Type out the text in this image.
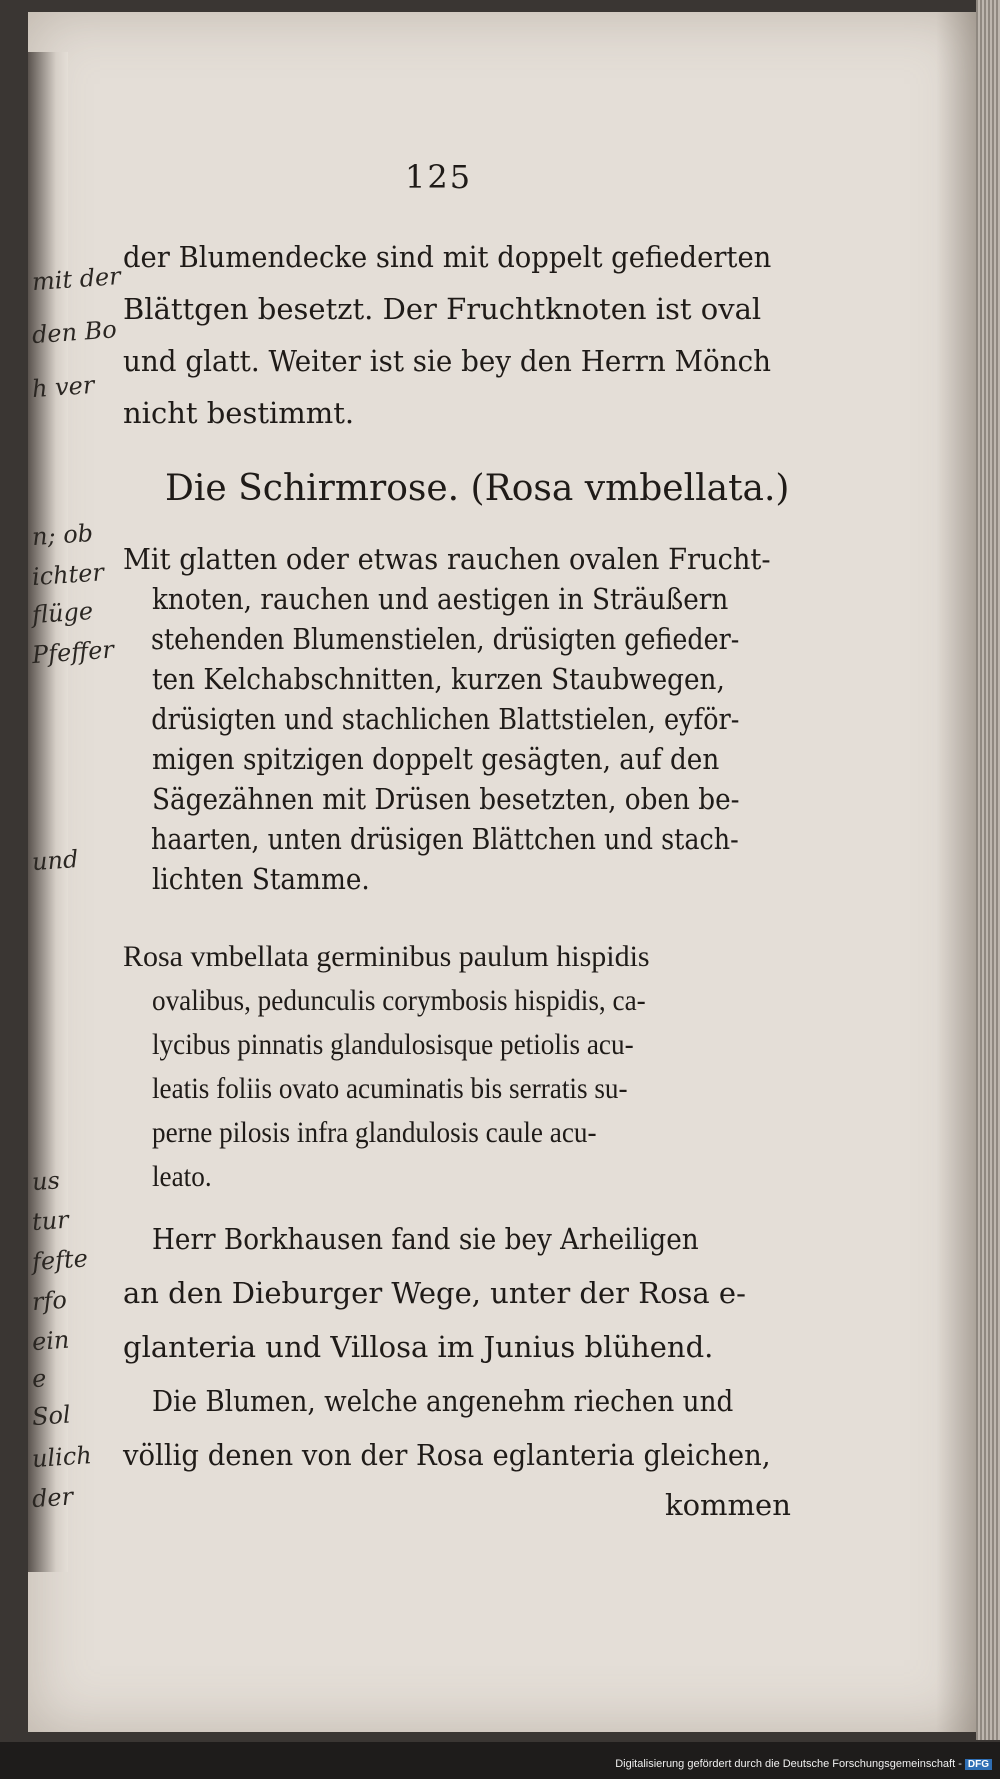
mit der
den Bo
h ver
n; ob
ichter
flüge
Pfeffer
und
us
tur
fefte
rfo
ein
e
Sol
ulich
der
125
der Blumendecke sind mit doppelt gefiederten
Blättgen besetzt. Der Fruchtknoten ist oval
und glatt. Weiter ist sie bey den Herrn Mönch
nicht bestimmt.
Die Schirmrose. (Rosa vmbellata.)
Mit glatten oder etwas rauchen ovalen Frucht-
knoten, rauchen und aestigen in Sträußern
stehenden Blumenstielen, drüsigten gefieder-
ten Kelchabschnitten, kurzen Staubwegen,
drüsigten und stachlichen Blattstielen, eyför-
migen spitzigen doppelt gesägten, auf den
Sägezähnen mit Drüsen besetzten, oben be-
haarten, unten drüsigen Blättchen und stach-
lichten Stamme.
Rosa vmbellata germinibus paulum hispidis
ovalibus, pedunculis corymbosis hispidis, ca-
lycibus pinnatis glandulosisque petiolis acu-
leatis foliis ovato acuminatis bis serratis su-
perne pilosis infra glandulosis caule acu-
leato.
Herr Borkhausen fand sie bey Arheiligen
an den Dieburger Wege, unter der Rosa e-
glanteria und Villosa im Junius blühend.
Die Blumen, welche angenehm riechen und
völlig denen von der Rosa eglanteria gleichen,
kommen
Digitalisierung gefördert durch die Deutsche Forschungsgemeinschaft - DFG
